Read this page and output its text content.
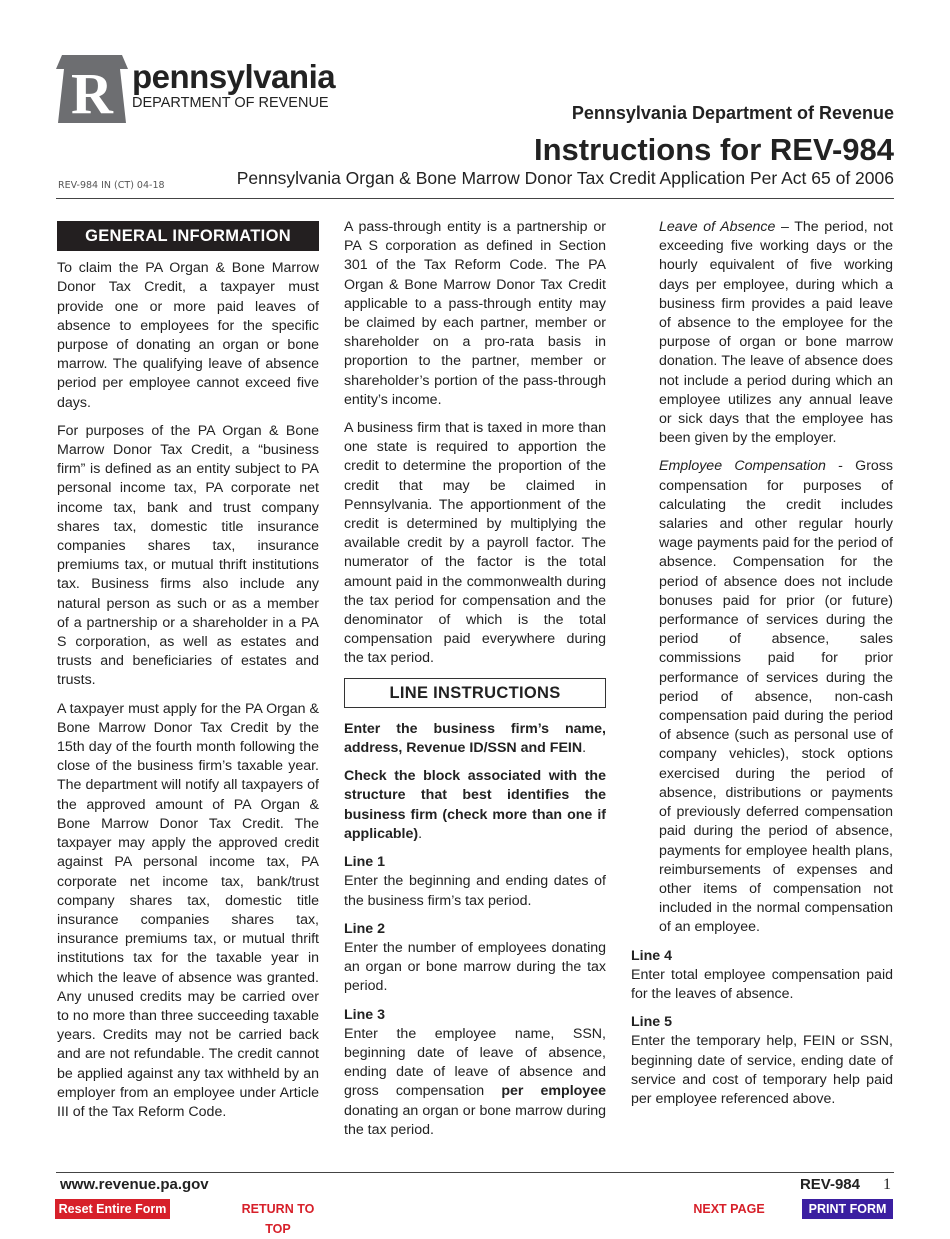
R pennsylvania
DEPARTMENT OF REVENUE	Pennsylvania Department of Revenue
Instructions for REV-984
REV-984 IN (CT) 04-18	Pennsylvania Organ & Bone Marrow Donor Tax Credit Application Per Act 65 of 2006
GENERAL INFORMATION

To claim the PA Organ & Bone Marrow Donor Tax Credit, a taxpayer must provide one or more paid leaves of absence to employees for the specific purpose of donating an organ or bone marrow. The qualifying leave of absence period per employee cannot exceed five days.

For purposes of the PA Organ & Bone Marrow Donor Tax Credit, a “business firm” is defined as an entity subject to PA personal income tax, PA corporate net income tax, bank and trust company shares tax, domestic title insurance companies shares tax, insurance premiums tax, or mutual thrift institutions tax. Business firms also include any natural person as such or as a member of a partnership or a shareholder in a PA S corporation, as well as estates and trusts and beneficiaries of estates and trusts.

A taxpayer must apply for the PA Organ & Bone Marrow Donor Tax Credit by the 15th day of the fourth month following the close of the business firm’s taxable year. The department will notify all taxpayers of the approved amount of PA Organ & Bone Marrow Donor Tax Credit. The taxpayer may apply the approved credit against PA personal income tax, PA corporate net income tax, bank/trust company shares tax, domestic title insurance companies shares tax, insurance premiums tax, or mutual thrift institutions tax for the taxable year in which the leave of absence was granted. Any unused credits may be carried over to no more than three succeeding taxable years. Credits may not be carried back and are not refundable. The credit cannot be applied against any tax withheld by an employer from an employee under Article III of the Tax Reform Code.

A pass-through entity is a partnership or PA S corporation as defined in Section 301 of the Tax Reform Code. The PA Organ & Bone Marrow Donor Tax Credit applicable to a pass-through entity may be claimed by each partner, member or shareholder on a pro-rata basis in proportion to the partner, member or shareholder’s portion of the pass-through entity’s income.

A business firm that is taxed in more than one state is required to apportion the credit to determine the proportion of the credit that may be claimed in Pennsylvania. The apportionment of the credit is determined by multiplying the available credit by a payroll factor. The numerator of the factor is the total amount paid in the commonwealth during the tax period for compensation and the denominator of which is the total compensation paid everywhere during the tax period.

LINE INSTRUCTIONS

Enter the business firm’s name, address, Revenue ID/SSN and FEIN.

Check the block associated with the structure that best identifies the business firm (check more than one if applicable).

Line 1

Enter the beginning and ending dates of the business firm’s tax period.

Line 2

Enter the number of employees donating an organ or bone marrow during the tax period.

Line 3

Enter the employee name, SSN, beginning date of leave of absence, ending date of leave of absence and gross compensation per employee donating an organ or bone marrow during the tax period.

Leave of Absence – The period, not exceeding five working days or the hourly equivalent of five working days per employee, during which a business firm provides a paid leave of absence to the employee for the purpose of organ or bone marrow donation. The leave of absence does not include a period during which an employee utilizes any annual leave or sick days that the employee has been given by the employer.

Employee Compensation - Gross compensation for purposes of calculating the credit includes salaries and other regular hourly wage payments paid for the period of absence. Compensation for the period of absence does not include bonuses paid for prior (or future) performance of services during the period of absence, sales commissions paid for prior performance of services during the period of absence, non-cash compensation paid during the period of absence (such as personal use of company vehicles), stock options exercised during the period of absence, distributions or payments of previously deferred compensation paid during the period of absence, payments for employee health plans, reimbursements of expenses and other items of compensation not included in the normal compensation of an employee.

Line 4

Enter total employee compensation paid for the leaves of absence.

Line 5

Enter the temporary help, FEIN or SSN, beginning date of service, ending date of service and cost of temporary help paid per employee referenced above.

www.revenue.pa.gov	REV-984 1
Reset Entire Form	RETURN TO TOP
NEXT PAGE	PRINT FORM
